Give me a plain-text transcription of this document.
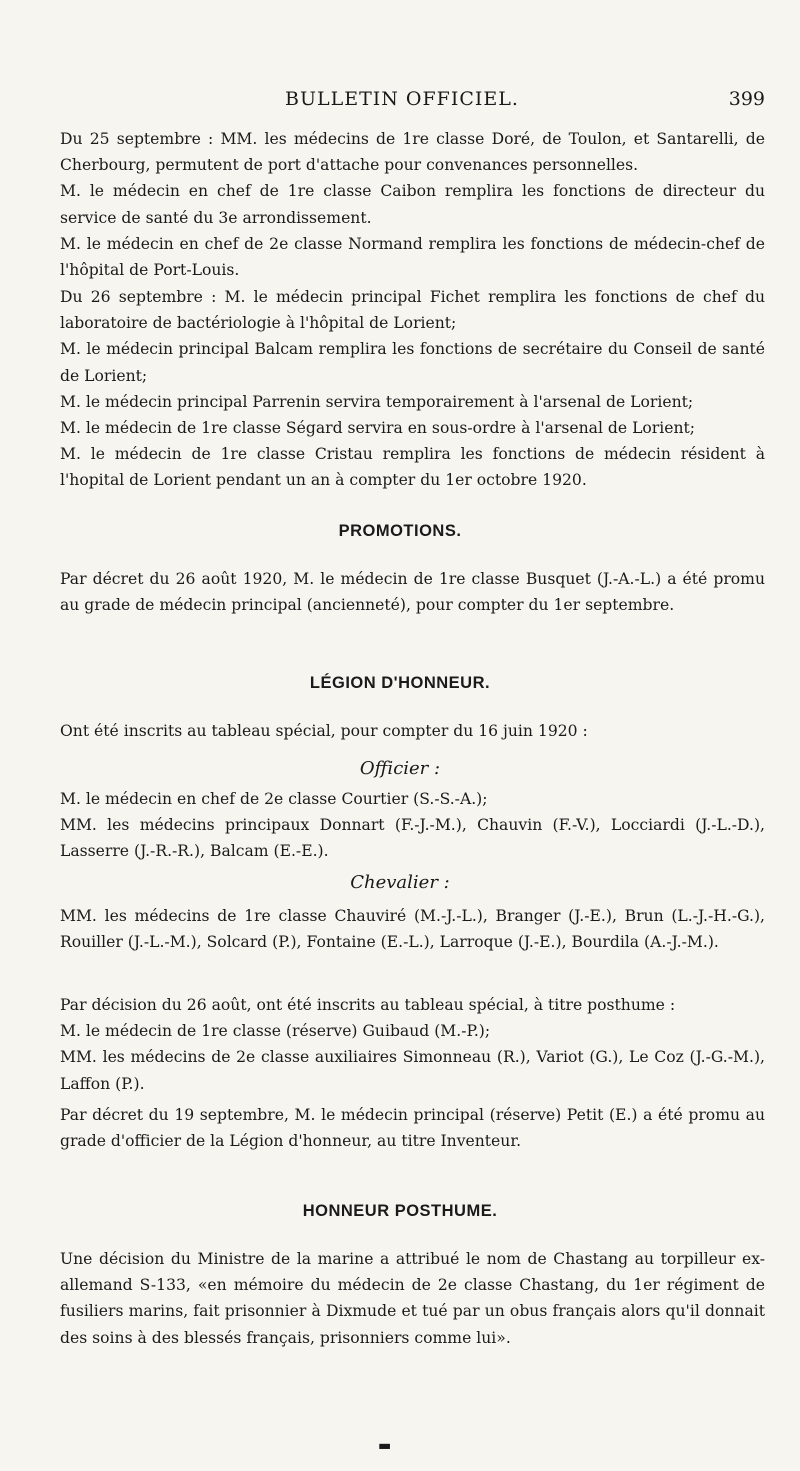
BULLETIN OFFICIEL.	399

Du 25 septembre : MM. les médecins de 1re classe Doré, de Toulon, et Santarelli, de Cherbourg, permutent de port d'attache pour convenances personnelles.

M. le médecin en chef de 1re classe Caibon remplira les fonctions de directeur du service de santé du 3e arrondissement.

M. le médecin en chef de 2e classe Normand remplira les fonctions de médecin-chef de l'hôpital de Port-Louis.

Du 26 septembre : M. le médecin principal Fichet remplira les fonctions de chef du laboratoire de bactériologie à l'hôpital de Lorient;

M. le médecin principal Balcam remplira les fonctions de secrétaire du Conseil de santé de Lorient;

M. le médecin principal Parrenin servira temporairement à l'arsenal de Lorient;

M. le médecin de 1re classe Ségard servira en sous-ordre à l'arsenal de Lorient;

M. le médecin de 1re classe Cristau remplira les fonctions de médecin résident à l'hopital de Lorient pendant un an à compter du 1er octobre 1920.

PROMOTIONS.

Par décret du 26 août 1920, M. le médecin de 1re classe Busquet (J.-A.-L.) a été promu au grade de médecin principal (ancienneté), pour compter du 1er septembre.

LÉGION D'HONNEUR.

Ont été inscrits au tableau spécial, pour compter du 16 juin 1920 :

Officier :

M. le médecin en chef de 2e classe Courtier (S.-S.-A.);

MM. les médecins principaux Donnart (F.-J.-M.), Chauvin (F.-V.), Locciardi (J.-L.-D.), Lasserre (J.-R.-R.), Balcam (E.-E.).

Chevalier :

MM. les médecins de 1re classe Chauviré (M.-J.-L.), Branger (J.-E.), Brun (L.-J.-H.-G.), Rouiller (J.-L.-M.), Solcard (P.), Fontaine (E.-L.), Larroque (J.-E.), Bourdila (A.-J.-M.).

Par décision du 26 août, ont été inscrits au tableau spécial, à titre posthume :

M. le médecin de 1re classe (réserve) Guibaud (M.-P.);

MM. les médecins de 2e classe auxiliaires Simonneau (R.), Variot (G.), Le Coz (J.-G.-M.), Laffon (P.).

Par décret du 19 septembre, M. le médecin principal (réserve) Petit (E.) a été promu au grade d'officier de la Légion d'honneur, au titre Inventeur.

HONNEUR POSTHUME.

Une décision du Ministre de la marine a attribué le nom de Chastang au torpilleur ex-allemand S-133, «en mémoire du médecin de 2e classe Chastang, du 1er régiment de fusiliers marins, fait prisonnier à Dixmude et tué par un obus français alors qu'il donnait des soins à des blessés français, prisonniers comme lui».

▬
